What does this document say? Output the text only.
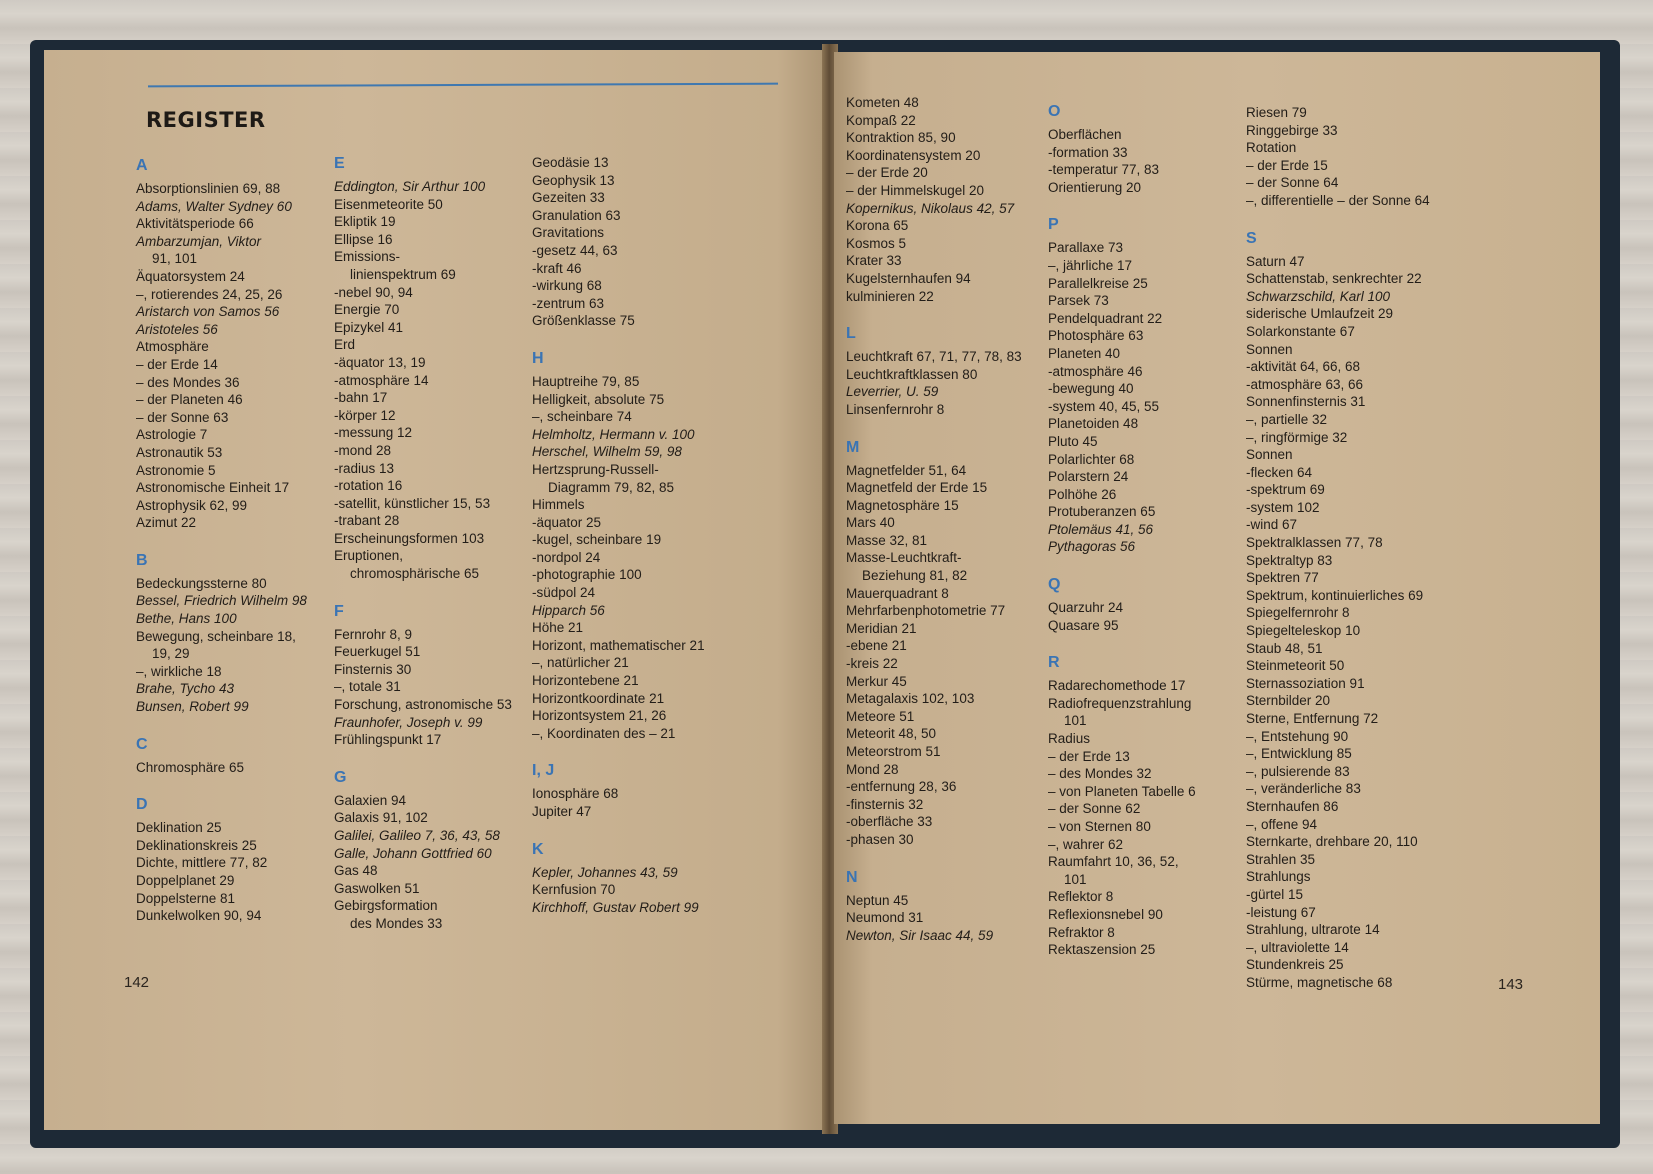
REGISTER
A
Absorptionslinien 69, 88
Adams, Walter Sydney 60
Aktivitätsperiode 66
Ambarzumjan, Viktor
91, 101
Äquatorsystem 24
–, rotierendes 24, 25, 26
Aristarch von Samos 56
Aristoteles 56
Atmosphäre
– der Erde 14
– des Mondes 36
– der Planeten 46
– der Sonne 63
Astrologie 7
Astronautik 53
Astronomie 5
Astronomische Einheit 17
Astrophysik 62, 99
Azimut 22
B
Bedeckungssterne 80
Bessel, Friedrich Wilhelm 98
Bethe, Hans 100
Bewegung, scheinbare 18,
19, 29
–, wirkliche 18
Brahe, Tycho 43
Bunsen, Robert 99
C
Chromosphäre 65
D
Deklination 25
Deklinationskreis 25
Dichte, mittlere 77, 82
Doppelplanet 29
Doppelsterne 81
Dunkelwolken 90, 94
E
Eddington, Sir Arthur 100
Eisenmeteorite 50
Ekliptik 19
Ellipse 16
Emissions-
linienspektrum 69
-nebel 90, 94
Energie 70
Epizykel 41
Erd
-äquator 13, 19
-atmosphäre 14
-bahn 17
-körper 12
-messung 12
-mond 28
-radius 13
-rotation 16
-satellit, künstlicher 15, 53
-trabant 28
Erscheinungsformen 103
Eruptionen,
chromosphärische 65
F
Fernrohr 8, 9
Feuerkugel 51
Finsternis 30
–, totale 31
Forschung, astronomische 53
Fraunhofer, Joseph v. 99
Frühlingspunkt 17
G
Galaxien 94
Galaxis 91, 102
Galilei, Galileo 7, 36, 43, 58
Galle, Johann Gottfried 60
Gas 48
Gaswolken 51
Gebirgsformation
des Mondes 33
Geodäsie 13
Geophysik 13
Gezeiten 33
Granulation 63
Gravitations
-gesetz 44, 63
-kraft 46
-wirkung 68
-zentrum 63
Größenklasse 75
H
Hauptreihe 79, 85
Helligkeit, absolute 75
–, scheinbare 74
Helmholtz, Hermann v. 100
Herschel, Wilhelm 59, 98
Hertzsprung-Russell-
Diagramm 79, 82, 85
Himmels
-äquator 25
-kugel, scheinbare 19
-nordpol 24
-photographie 100
-südpol 24
Hipparch 56
Höhe 21
Horizont, mathematischer 21
–, natürlicher 21
Horizontebene 21
Horizontkoordinate 21
Horizontsystem 21, 26
–, Koordinaten des – 21
I, J
Ionosphäre 68
Jupiter 47
K
Kepler, Johannes 43, 59
Kernfusion 70
Kirchhoff, Gustav Robert 99
142
Kometen 48
Kompaß 22
Kontraktion 85, 90
Koordinatensystem 20
– der Erde 20
– der Himmelskugel 20
Kopernikus, Nikolaus 42, 57
Korona 65
Kosmos 5
Krater 33
Kugelsternhaufen 94
kulminieren 22
L
Leuchtkraft 67, 71, 77, 78, 83
Leuchtkraftklassen 80
Leverrier, U. 59
Linsenfernrohr 8
M
Magnetfelder 51, 64
Magnetfeld der Erde 15
Magnetosphäre 15
Mars 40
Masse 32, 81
Masse-Leuchtkraft-
Beziehung 81, 82
Mauerquadrant 8
Mehrfarbenphotometrie 77
Meridian 21
-ebene 21
-kreis 22
Merkur 45
Metagalaxis 102, 103
Meteore 51
Meteorit 48, 50
Meteorstrom 51
Mond 28
-entfernung 28, 36
-finsternis 32
-oberfläche 33
-phasen 30
N
Neptun 45
Neumond 31
Newton, Sir Isaac 44, 59
O
Oberflächen
-formation 33
-temperatur 77, 83
Orientierung 20
P
Parallaxe 73
–, jährliche 17
Parallelkreise 25
Parsek 73
Pendelquadrant 22
Photosphäre 63
Planeten 40
-atmosphäre 46
-bewegung 40
-system 40, 45, 55
Planetoiden 48
Pluto 45
Polarlichter 68
Polarstern 24
Polhöhe 26
Protuberanzen 65
Ptolemäus 41, 56
Pythagoras 56
Q
Quarzuhr 24
Quasare 95
R
Radarechomethode 17
Radiofrequenzstrahlung
101
Radius
– der Erde 13
– des Mondes 32
– von Planeten Tabelle 6
– der Sonne 62
– von Sternen 80
–, wahrer 62
Raumfahrt 10, 36, 52,
101
Reflektor 8
Reflexionsnebel 90
Refraktor 8
Rektaszension 25
Riesen 79
Ringgebirge 33
Rotation
– der Erde 15
– der Sonne 64
–, differentielle – der Sonne 64
S
Saturn 47
Schattenstab, senkrechter 22
Schwarzschild, Karl 100
siderische Umlaufzeit 29
Solarkonstante 67
Sonnen
-aktivität 64, 66, 68
-atmosphäre 63, 66
Sonnenfinsternis 31
–, partielle 32
–, ringförmige 32
Sonnen
-flecken 64
-spektrum 69
-system 102
-wind 67
Spektralklassen 77, 78
Spektraltyp 83
Spektren 77
Spektrum, kontinuierliches 69
Spiegelfernrohr 8
Spiegelteleskop 10
Staub 48, 51
Steinmeteorit 50
Sternassoziation 91
Sternbilder 20
Sterne, Entfernung 72
–, Entstehung 90
–, Entwicklung 85
–, pulsierende 83
–, veränderliche 83
Sternhaufen 86
–, offene 94
Sternkarte, drehbare 20, 110
Strahlen 35
Strahlungs
-gürtel 15
-leistung 67
Strahlung, ultrarote 14
–, ultraviolette 14
Stundenkreis 25
Stürme, magnetische 68	143
